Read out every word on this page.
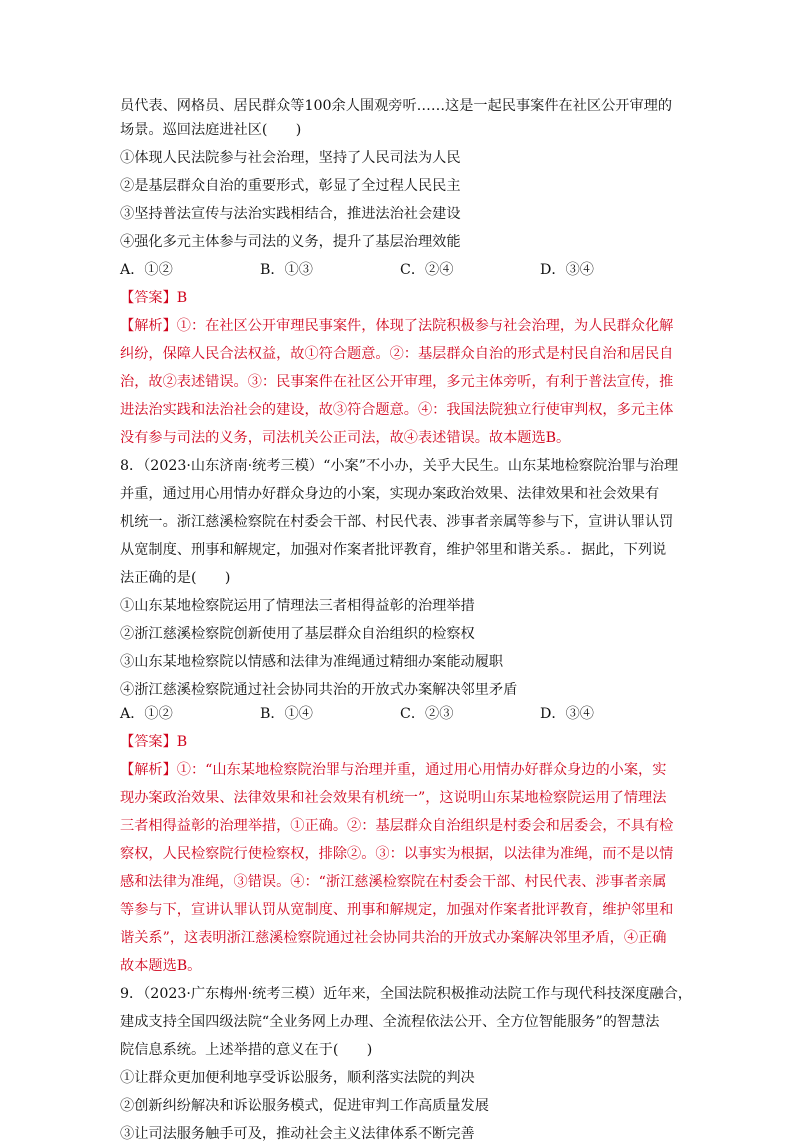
员代表、网格员、居民群众等100余人围观旁听……这是一起民事案件在社区公开审理的
场景。巡回法庭进社区(　　)
①体现人民法院参与社会治理，坚持了人民司法为人民
②是基层群众自治的重要形式，彰显了全过程人民民主
③坚持普法宣传与法治实践相结合，推进法治社会建设
④强化多元主体参与司法的义务，提升了基层治理效能
A．①②	B．①③	C．②④	D．③④
【答案】B
【解析】①：在社区公开审理民事案件，体现了法院积极参与社会治理，为人民群众化解
纠纷，保障人民合法权益，故①符合题意。②：基层群众自治的形式是村民自治和居民自
治，故②表述错误。③：民事案件在社区公开审理，多元主体旁听，有利于普法宣传，推
进法治实践和法治社会的建设，故③符合题意。④：我国法院独立行使审判权，多元主体
没有参与司法的义务，司法机关公正司法，故④表述错误。故本题选B。
8．（2023·山东济南·统考三模）“小案”不小办，关乎大民生。山东某地检察院治罪与治理
并重，通过用心用情办好群众身边的小案，实现办案政治效果、法律效果和社会效果有
机统一。浙江慈溪检察院在村委会干部、村民代表、涉事者亲属等参与下，宣讲认罪认罚
从宽制度、刑事和解规定，加强对作案者批评教育，维护邻里和谐关系。．据此，下列说
法正确的是(　　)
①山东某地检察院运用了情理法三者相得益彰的治理举措
②浙江慈溪检察院创新使用了基层群众自治组织的检察权
③山东某地检察院以情感和法律为准绳通过精细办案能动履职
④浙江慈溪检察院通过社会协同共治的开放式办案解决邻里矛盾
A．①②	B．①④	C．②③	D．③④
【答案】B
【解析】①：“山东某地检察院治罪与治理并重，通过用心用情办好群众身边的小案，实
现办案政治效果、法律效果和社会效果有机统一”，这说明山东某地检察院运用了情理法
三者相得益彰的治理举措，①正确。②：基层群众自治组织是村委会和居委会，不具有检
察权，人民检察院行使检察权，排除②。③：以事实为根据，以法律为准绳，而不是以情
感和法律为准绳，③错误。④：“浙江慈溪检察院在村委会干部、村民代表、涉事者亲属
等参与下，宣讲认罪认罚从宽制度、刑事和解规定，加强对作案者批评教育，维护邻里和
谐关系”，这表明浙江慈溪检察院通过社会协同共治的开放式办案解决邻里矛盾，④正确
故本题选B。
9．（2023·广东梅州·统考三模）近年来，全国法院积极推动法院工作与现代科技深度融合，
建成支持全国四级法院“全业务网上办理、全流程依法公开、全方位智能服务”的智慧法
院信息系统。上述举措的意义在于(　　)
①让群众更加便利地享受诉讼服务，顺利落实法院的判决
②创新纠纷解决和诉讼服务模式，促进审判工作高质量发展
③让司法服务触手可及，推动社会主义法律体系不断完善
